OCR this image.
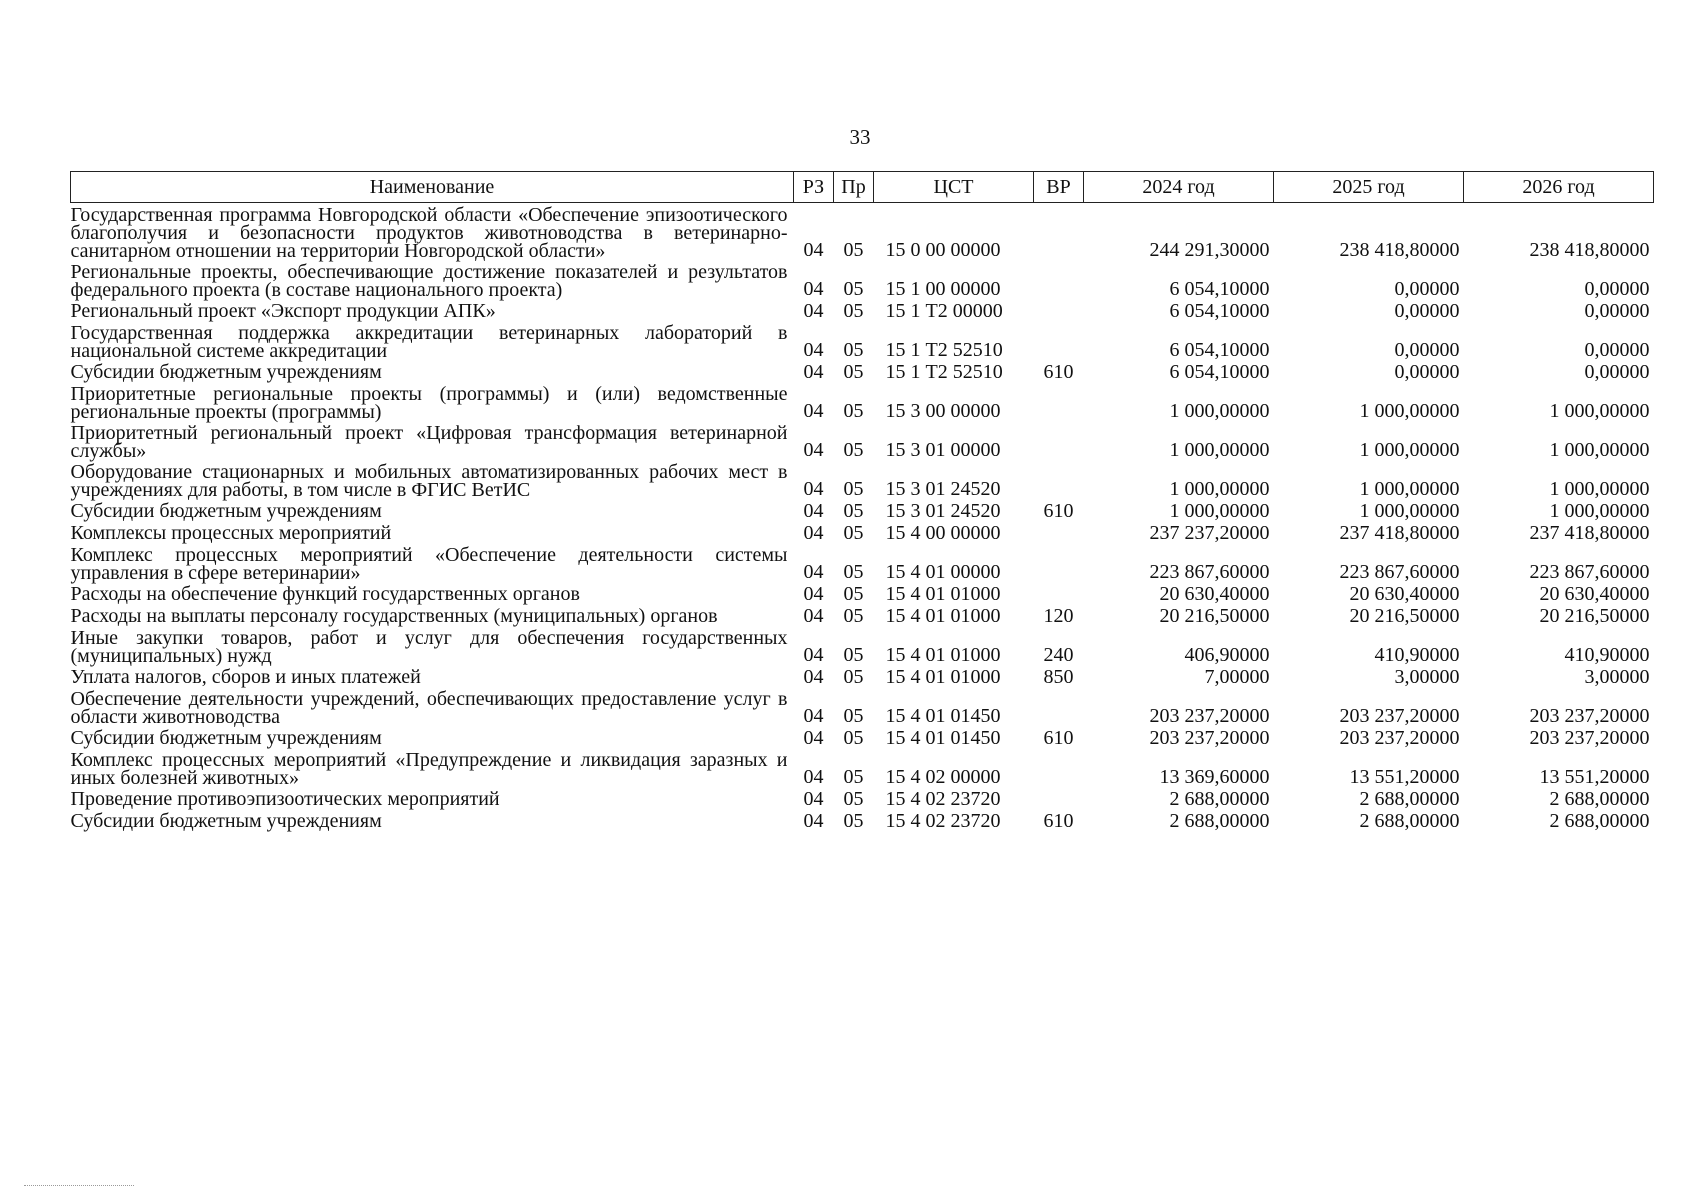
33
Наименование	РЗ	Пр	ЦСТ	ВР	2024 год	2025 год	2026 год
Государственная программа Новгородской области «Обеспечение эпизоотического благополучия и безопасности продуктов животноводства в ветеринарно-санитарном отношении на территории Новгородской области»	04	05	15 0 00 00000		244 291,30000	238 418,80000	238 418,80000
Региональные проекты, обеспечивающие достижение показателей и результатов федерального проекта (в составе национального проекта)	04	05	15 1 00 00000		6 054,10000	0,00000	0,00000
Региональный проект «Экспорт продукции АПК»	04	05	15 1 Т2 00000		6 054,10000	0,00000	0,00000
Государственная поддержка аккредитации ветеринарных лабораторий в национальной системе аккредитации	04	05	15 1 Т2 52510		6 054,10000	0,00000	0,00000
Субсидии бюджетным учреждениям	04	05	15 1 Т2 52510	610	6 054,10000	0,00000	0,00000
Приоритетные региональные проекты (программы) и (или) ведомственные региональные проекты (программы)	04	05	15 3 00 00000		1 000,00000	1 000,00000	1 000,00000
Приоритетный региональный проект «Цифровая трансформация ветеринарной службы»	04	05	15 3 01 00000		1 000,00000	1 000,00000	1 000,00000
Оборудование стационарных и мобильных автоматизированных рабочих мест в учреждениях для работы, в том числе в ФГИС ВетИС	04	05	15 3 01 24520		1 000,00000	1 000,00000	1 000,00000
Субсидии бюджетным учреждениям	04	05	15 3 01 24520	610	1 000,00000	1 000,00000	1 000,00000
Комплексы процессных мероприятий	04	05	15 4 00 00000		237 237,20000	237 418,80000	237 418,80000
Комплекс процессных мероприятий «Обеспечение деятельности системы управления в сфере ветеринарии»	04	05	15 4 01 00000		223 867,60000	223 867,60000	223 867,60000
Расходы на обеспечение функций государственных органов	04	05	15 4 01 01000		20 630,40000	20 630,40000	20 630,40000
Расходы на выплаты персоналу государственных (муниципальных) органов	04	05	15 4 01 01000	120	20 216,50000	20 216,50000	20 216,50000
Иные закупки товаров, работ и услуг для обеспечения государственных (муниципальных) нужд	04	05	15 4 01 01000	240	406,90000	410,90000	410,90000
Уплата налогов, сборов и иных платежей	04	05	15 4 01 01000	850	7,00000	3,00000	3,00000
Обеспечение деятельности учреждений, обеспечивающих предоставление услуг в области животноводства	04	05	15 4 01 01450		203 237,20000	203 237,20000	203 237,20000
Субсидии бюджетным учреждениям	04	05	15 4 01 01450	610	203 237,20000	203 237,20000	203 237,20000
Комплекс процессных мероприятий «Предупреждение и ликвидация заразных и иных болезней животных»	04	05	15 4 02 00000		13 369,60000	13 551,20000	13 551,20000
Проведение противоэпизоотических мероприятий	04	05	15 4 02 23720		2 688,00000	2 688,00000	2 688,00000
Субсидии бюджетным учреждениям	04	05	15 4 02 23720	610	2 688,00000	2 688,00000	2 688,00000
